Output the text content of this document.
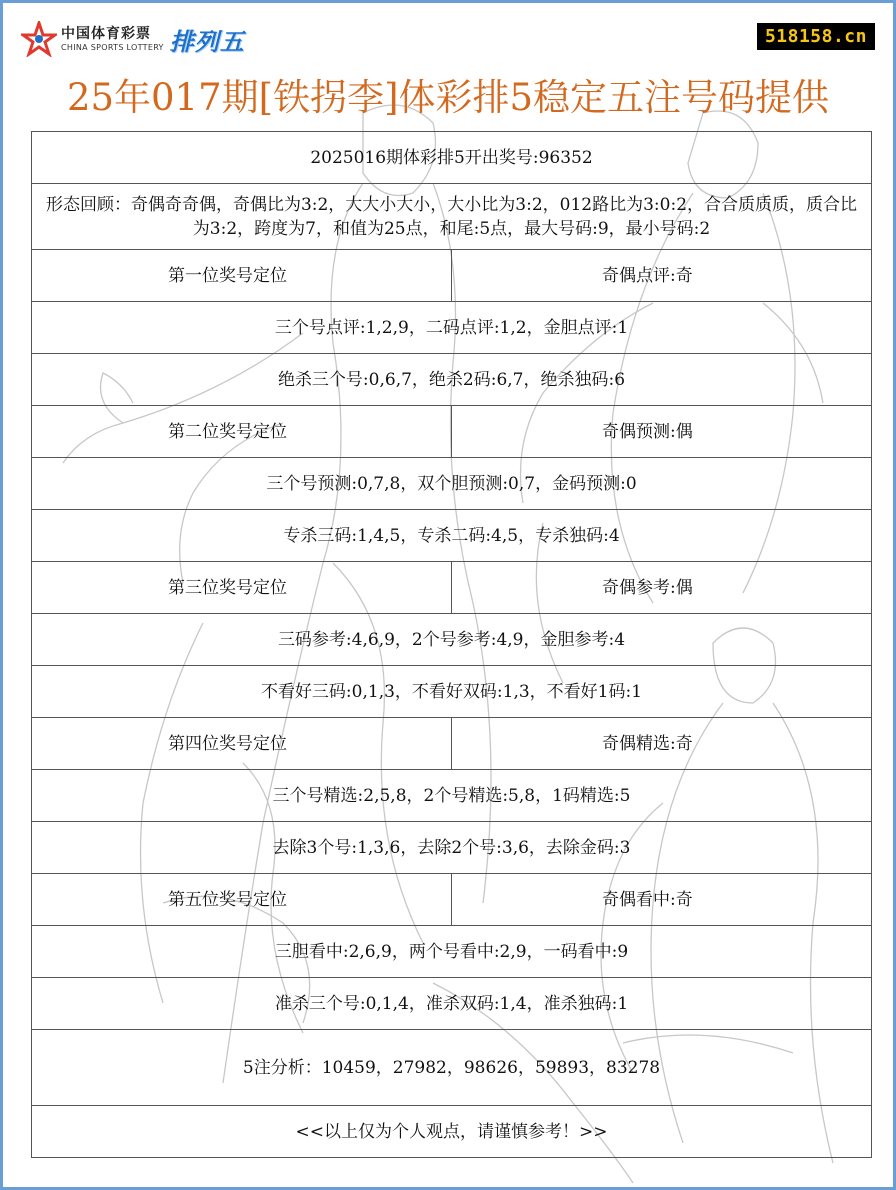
中国体育彩票
CHINA SPORTS LOTTERY 排列五	518158.cn
25年017期[铁拐李]体彩排5稳定五注号码提供
2025016期体彩排5开出奖号:96352	
形态回顾：奇偶奇奇偶，奇偶比为3:2，大大小大小，大小比为3:2，012路比为3:0:2，合合质质质，质合比为3:2，跨度为7，和值为25点，和尾:5点，最大号码:9，最小号码:2	
第一位奖号定位	奇偶点评:奇
三个号点评:1,2,9，二码点评:1,2，金胆点评:1	
绝杀三个号:0,6,7，绝杀2码:6,7，绝杀独码:6	
第二位奖号定位	奇偶预测:偶
三个号预测:0,7,8，双个胆预测:0,7，金码预测:0	
专杀三码:1,4,5，专杀二码:4,5，专杀独码:4	
第三位奖号定位	奇偶参考:偶
三码参考:4,6,9，2个号参考:4,9，金胆参考:4	
不看好三码:0,1,3，不看好双码:1,3，不看好1码:1	
第四位奖号定位	奇偶精选:奇
三个号精选:2,5,8，2个号精选:5,8，1码精选:5	
去除3个号:1,3,6，去除2个号:3,6，去除金码:3	
第五位奖号定位	奇偶看中:奇
三胆看中:2,6,9，两个号看中:2,9，一码看中:9	
准杀三个号:0,1,4，准杀双码:1,4，准杀独码:1	
5注分析：10459，27982，98626，59893，83278	
<<以上仅为个人观点，请谨慎参考！>>	
